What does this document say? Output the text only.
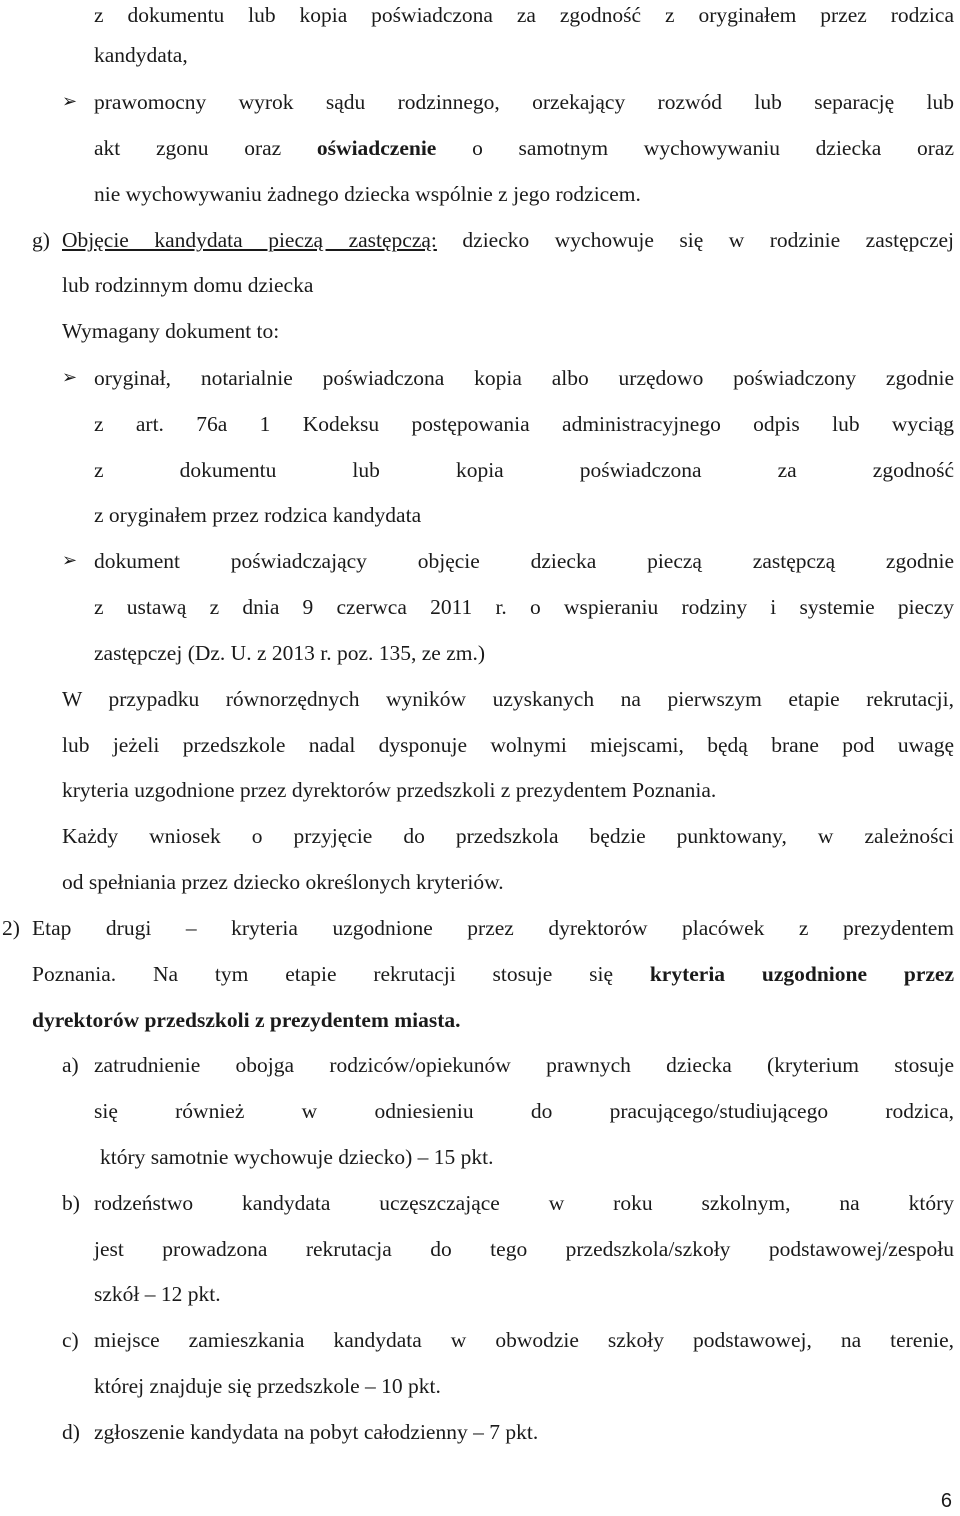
z dokumentu lub kopia poświadczona za zgodność z oryginałem przez rodzica
kandydata,
➢ prawomocny wyrok sądu rodzinnego, orzekający rozwód lub separację lub
akt zgonu oraz oświadczenie o samotnym wychowywaniu dziecka oraz
nie wychowywaniu żadnego dziecka wspólnie z jego rodzicem.
g) Objęcie kandydata pieczą zastępczą: dziecko wychowuje się w rodzinie zastępczej
lub rodzinnym domu dziecka
Wymagany dokument to:
➢ oryginał, notarialnie poświadczona kopia albo urzędowo poświadczony zgodnie
z art. 76a 1 Kodeksu postępowania administracyjnego odpis lub wyciąg
z dokumentu lub kopia poświadczona za zgodność
z oryginałem przez rodzica kandydata
➢ dokument poświadczający objęcie dziecka pieczą zastępczą zgodnie
z ustawą z dnia 9 czerwca 2011 r. o wspieraniu rodziny i systemie pieczy
zastępczej (Dz. U. z 2013 r. poz. 135, ze zm.)
W przypadku równorzędnych wyników uzyskanych na pierwszym etapie rekrutacji,
lub jeżeli przedszkole nadal dysponuje wolnymi miejscami, będą brane pod uwagę
kryteria uzgodnione przez dyrektorów przedszkoli z prezydentem Poznania.
Każdy wniosek o przyjęcie do przedszkola będzie punktowany, w zależności
od spełniania przez dziecko określonych kryteriów.
2) Etap drugi – kryteria uzgodnione przez dyrektorów placówek z prezydentem
Poznania. Na tym etapie rekrutacji stosuje się kryteria uzgodnione przez
dyrektorów przedszkoli z prezydentem miasta.
a) zatrudnienie obojga rodziców/opiekunów prawnych dziecka (kryterium stosuje
się również w odniesieniu do pracującego/studiującego rodzica,
który samotnie wychowuje dziecko) – 15 pkt.
b) rodzeństwo kandydata uczęszczające w roku szkolnym, na który
jest prowadzona rekrutacja do tego przedszkola/szkoły podstawowej/zespołu
szkół – 12 pkt.
c) miejsce zamieszkania kandydata w obwodzie szkoły podstawowej, na terenie,
której znajduje się przedszkole – 10 pkt.
d) zgłoszenie kandydata na pobyt całodzienny – 7 pkt.
6
